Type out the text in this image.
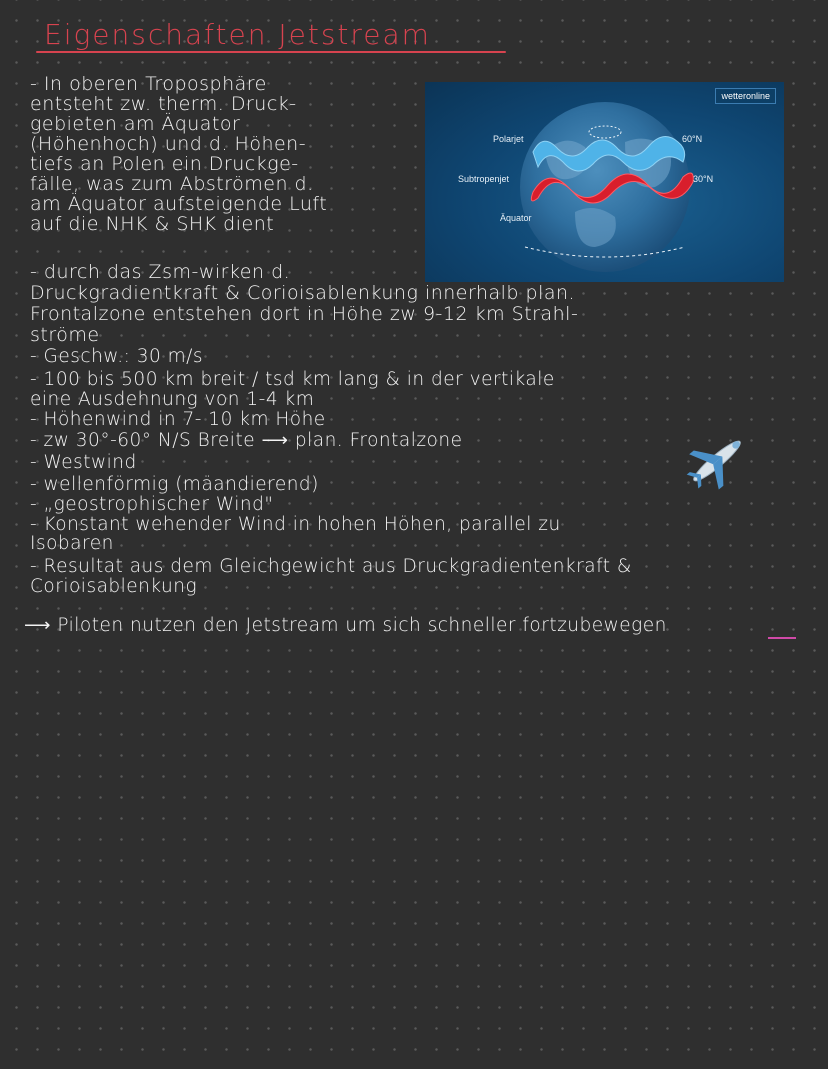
Eigenschaften Jetstream
- In oberen Troposphäre
entsteht zw. therm. Druck-
gebieten am Äquator
(Höhenhoch) und d. Höhen-
tiefs an Polen ein Druckge-
fälle, was zum Abströmen d.
am Äquator aufsteigende Luft
auf die NHK & SHK dient
wetteronline
Polarjet
Subtropenjet
Äquator
60°N
30°N
- durch das Zsm-wirken d.
Druckgradientkraft & Corioisablenkung innerhalb plan.
Frontalzone entstehen dort in Höhe zw 9-12 km Strahl-
ströme
- Geschw.: 30 m/s
- 100 bis 500 km breit / tsd km lang & in der vertikale
eine Ausdehnung von 1-4 km
- Höhenwind in 7- 10 km Höhe
- zw 30°-60° N/S Breite ⟶ plan. Frontalzone
- Westwind
- wellenförmig (mäandierend)
- „geostrophischer Wind"
- Konstant wehender Wind in hohen Höhen, parallel zu
Isobaren
- Resultat aus dem Gleichgewicht aus Druckgradientenkraft &
Corioisablenkung
⟶ Piloten nutzen den Jetstream um sich schneller fortzubewegen
